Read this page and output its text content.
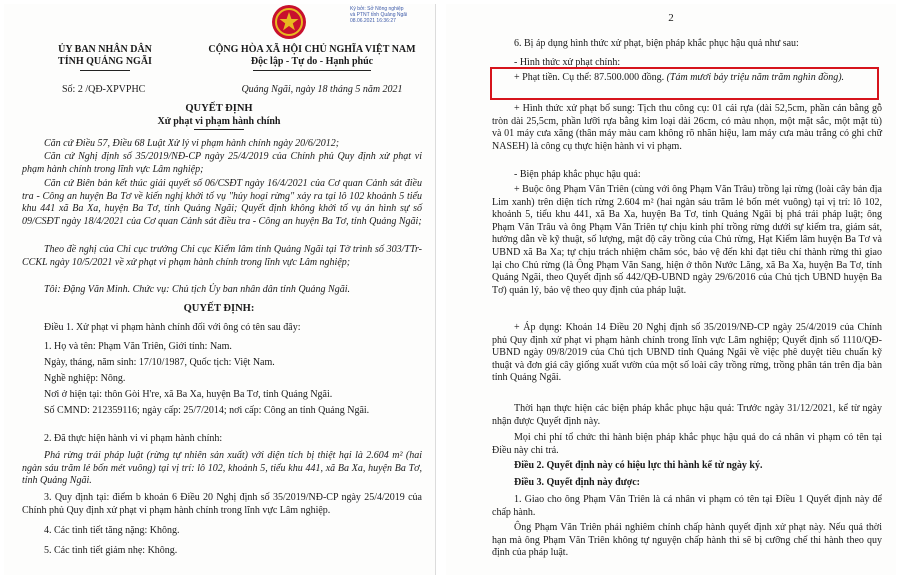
Ký bởi: Sở Nông nghiệp
và PTNT tỉnh Quảng Ngãi
08.06.2021 16:36:27
ỦY BAN NHÂN DÂN
TỈNH QUẢNG NGÃI
Số: 2 /QĐ-XPVPHC
CỘNG HÒA XÃ HỘI CHỦ NGHĨA VIỆT NAM
Độc lập - Tự do - Hạnh phúc
Quảng Ngãi, ngày 18 tháng 5 năm 2021
QUYẾT ĐỊNH
Xử phạt vi phạm hành chính
Căn cứ Điều 57, Điều 68 Luật Xử lý vi phạm hành chính ngày 20/6/2012;
Căn cứ Nghị định số 35/2019/NĐ-CP ngày 25/4/2019 của Chính phủ Quy định xử phạt vi phạm hành chính trong lĩnh vực Lâm nghiệp;
Căn cứ Biên bản kết thúc giải quyết số 06/CSĐT ngày 16/4/2021 của Cơ quan Cảnh sát điều tra - Công an huyện Ba Tơ về kiến nghị khởi tố vụ "hủy hoại rừng" xảy ra tại lô 102 khoảnh 5 tiểu khu 441 xã Ba Xa, huyện Ba Tơ, tỉnh Quảng Ngãi; Quyết định không khởi tố vụ án hình sự số 09/CSĐT ngày 18/4/2021 của Cơ quan Cảnh sát điều tra - Công an huyện Ba Tơ, tỉnh Quảng Ngãi;
Theo đề nghị của Chi cục trưởng Chi cục Kiểm lâm tỉnh Quảng Ngãi tại Tờ trình số 303/TTr-CCKL ngày 10/5/2021 về xử phạt vi phạm hành chính trong lĩnh vực Lâm nghiệp;
Tôi: Đặng Văn Minh. Chức vụ: Chủ tịch Ủy ban nhân dân tỉnh Quảng Ngãi.
QUYẾT ĐỊNH:
Điều 1. Xử phạt vi phạm hành chính đối với ông có tên sau đây:
1. Họ và tên: Phạm Văn Triên, Giới tính: Nam.
Ngày, tháng, năm sinh: 17/10/1987, Quốc tịch: Việt Nam.
Nghề nghiệp: Nông.
Nơi ở hiện tại: thôn Gòi H're, xã Ba Xa, huyện Ba Tơ, tỉnh Quảng Ngãi.
Số CMND: 212359116; ngày cấp: 25/7/2014; nơi cấp: Công an tỉnh Quảng Ngãi.
2. Đã thực hiện hành vi vi phạm hành chính:
Phá rừng trái pháp luật (rừng tự nhiên sản xuất) với diện tích bị thiệt hại là 2.604 m² (hai ngàn sáu trăm lẻ bốn mét vuông) tại vị trí: lô 102, khoảnh 5, tiểu khu 441, xã Ba Xa, huyện Ba Tơ, tỉnh Quảng Ngãi.
3. Quy định tại: điểm b khoản 6 Điều 20 Nghị định số 35/2019/NĐ-CP ngày 25/4/2019 của Chính phủ Quy định xử phạt vi phạm hành chính trong lĩnh vực Lâm nghiệp.
4. Các tình tiết tăng nặng: Không.
5. Các tình tiết giảm nhẹ: Không.
2
6. Bị áp dụng hình thức xử phạt, biện pháp khắc phục hậu quả như sau:
- Hình thức xử phạt chính:
+ Phạt tiền. Cụ thể: 87.500.000 đồng. (Tám mươi bảy triệu năm trăm nghìn đồng).
+ Hình thức xử phạt bổ sung: Tịch thu công cụ: 01 cái rựa (dài 52,5cm, phần cán bằng gỗ tròn dài 25,5cm, phần lưỡi rựa bằng kim loại dài 26cm, có màu nhọn, một mặt sắc, một mặt tù) và 01 máy cưa xăng (thân máy màu cam không rõ nhãn hiệu, lam máy cưa màu trắng có ghi chữ NASEH) là công cụ thực hiện hành vi vi phạm.
- Biện pháp khắc phục hậu quả:
+ Buộc ông Phạm Văn Triên (cùng với ông Phạm Văn Trâu) trồng lại rừng (loài cây bản địa Lim xanh) trên diện tích rừng 2.604 m² (hai ngàn sáu trăm lẻ bốn mét vuông) tại vị trí: lô 102, khoảnh 5, tiểu khu 441, xã Ba Xa, huyện Ba Tơ, tỉnh Quảng Ngãi bị phá trái pháp luật; ông Phạm Văn Trâu và ông Phạm Văn Triên tự chịu kinh phí trồng rừng dưới sự kiểm tra, giám sát, hướng dẫn về kỹ thuật, số lượng, mật độ cây trồng của Chủ rừng, Hạt Kiểm lâm huyện Ba Tơ và UBND xã Ba Xa; tự chịu trách nhiệm chăm sóc, bảo vệ đến khi đạt tiêu chí thành rừng thì giao lại cho Chủ rừng (là Ông Phạm Văn Sang, hiện ở thôn Nước Lăng, xã Ba Xa, huyện Ba Tơ, tỉnh Quảng Ngãi, theo Quyết định số 442/QĐ-UBND ngày 29/6/2016 của Chủ tịch UBND huyện Ba Tơ) quản lý, bảo vệ theo quy định của pháp luật.
+ Áp dụng: Khoản 14 Điều 20 Nghị định số 35/2019/NĐ-CP ngày 25/4/2019 của Chính phủ Quy định xử phạt vi phạm hành chính trong lĩnh vực Lâm nghiệp; Quyết định số 1110/QĐ-UBND ngày 09/8/2019 của Chủ tịch UBND tỉnh Quảng Ngãi về việc phê duyệt tiêu chuẩn kỹ thuật và đơn giá cây giống xuất vườn của một số loài cây trồng rừng, trồng phân tán trên địa bàn tỉnh Quảng Ngãi.
Thời hạn thực hiện các biện pháp khắc phục hậu quả: Trước ngày 31/12/2021, kể từ ngày nhận được Quyết định này.
Mọi chi phí tổ chức thi hành biện pháp khắc phục hậu quả do cá nhân vi phạm có tên tại Điều này chi trả.
Điều 2. Quyết định này có hiệu lực thi hành kể từ ngày ký.
Điều 3. Quyết định này được:
1. Giao cho ông Phạm Văn Triên là cá nhân vi phạm có tên tại Điều 1 Quyết định này để chấp hành.
Ông Phạm Văn Triên phải nghiêm chỉnh chấp hành quyết định xử phạt này. Nếu quá thời hạn mà ông Phạm Văn Triên không tự nguyện chấp hành thì sẽ bị cưỡng chế thi hành theo quy định của pháp luật.
